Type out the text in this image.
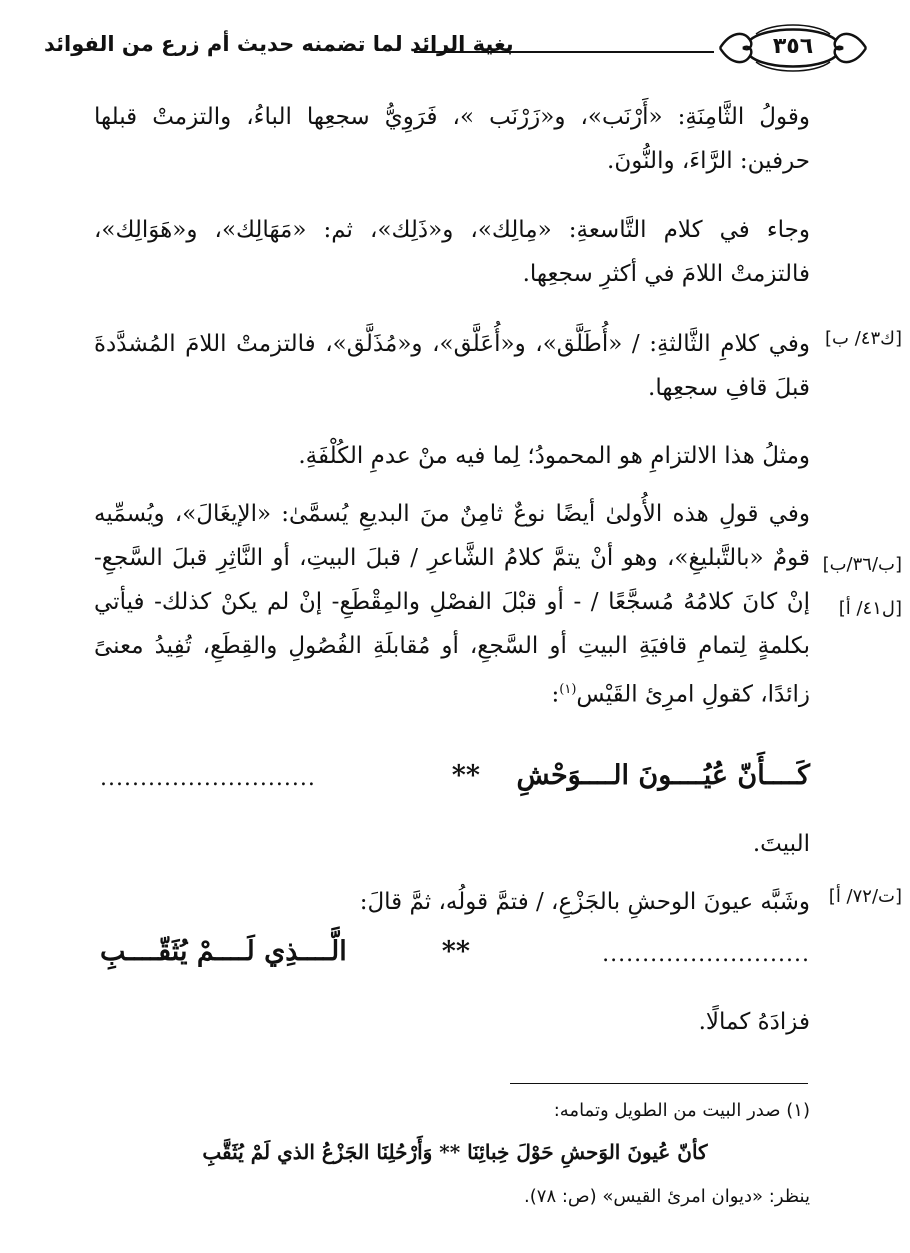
بغية الرائد لما تضمنه حديث أم زرع من الفوائد	٣٥٦
وقولُ الثَّامِنَةِ: «أَرْنَب»، و«زَرْنَب »، فَرَوِيُّ سجعِها الباءُ، والتزمتْ قبلها
حرفين: الرَّاءَ، والنُّونَ.
وجاء في كلام التَّاسعةِ: «مِالِك»، و«ذَلِك»، ثم: «مَهَالِك»، و«هَوَالِك»،
فالتزمتْ اللامَ في أكثرِ سجعِها.
[ك٤٣/ ب]
وفي كلامِ الثَّالثةِ: / «أُطَلَّق»، و«أُعَلَّق»، و«مُذَلَّق»، فالتزمتْ اللامَ المُشدَّدةَ
قبلَ قافِ سجعِها.
ومثلُ هذا الالتزامِ هو المحمودُ؛ لِما فيه منْ عدمِ الكُلْفَةِ.
[ب/٣٦/ب]
[ل٤١/ أ]
وفي قولِ هذه الأُولىٰ أيضًا نوعٌ ثامِنٌ منَ البديعِ يُسمَّىٰ: «الإيغَالَ»، ويُسمِّيه
قومٌ «بالتَّبليغِ»، وهو أنْ يتمَّ كلامُ الشَّاعرِ / قبلَ البيتِ، أو النَّاثِرِ قبلَ السَّجعِ-
إنْ كانَ كلامُهُ مُسجَّعًا / - أو قبْلَ الفصْلِ والمِقْطَعِ- إنْ لم يكنْ كذلك- فيأتي
بكلمةٍ لِتمامِ قافيَةِ البيتِ أو السَّجعِ، أو مُقابلَةِ الفُصُولِ والقِطَعِ، تُفِيدُ معنىً
زائدًا، كقولِ امرِئ القَيْس$^{(١)}$:
كَــــأَنّ عُيُــــونَ الــــوَحْشِ
**
...........................
البيتَ.
[ت/٧٢/ أ]
وشَبَّه عيونَ الوحشِ بالجَزْعِ، / فتمَّ قولُه، ثمَّ قالَ:
..........................
**
الَّــــذِي لَــــمْ يُثَقّــــبِ
فزادَهُ كمالًا.
(١) صدر البيت من الطويل وتمامه:
كأنّ عُيونَ الوَحشِ حَوْلَ خِبائِنَا ** وَأَرْحُلِنَا الجَزْعُ الذي لَمْ يُثَقَّبِ
ينظر: «ديوان امرئ القيس» (ص: ٧٨).
